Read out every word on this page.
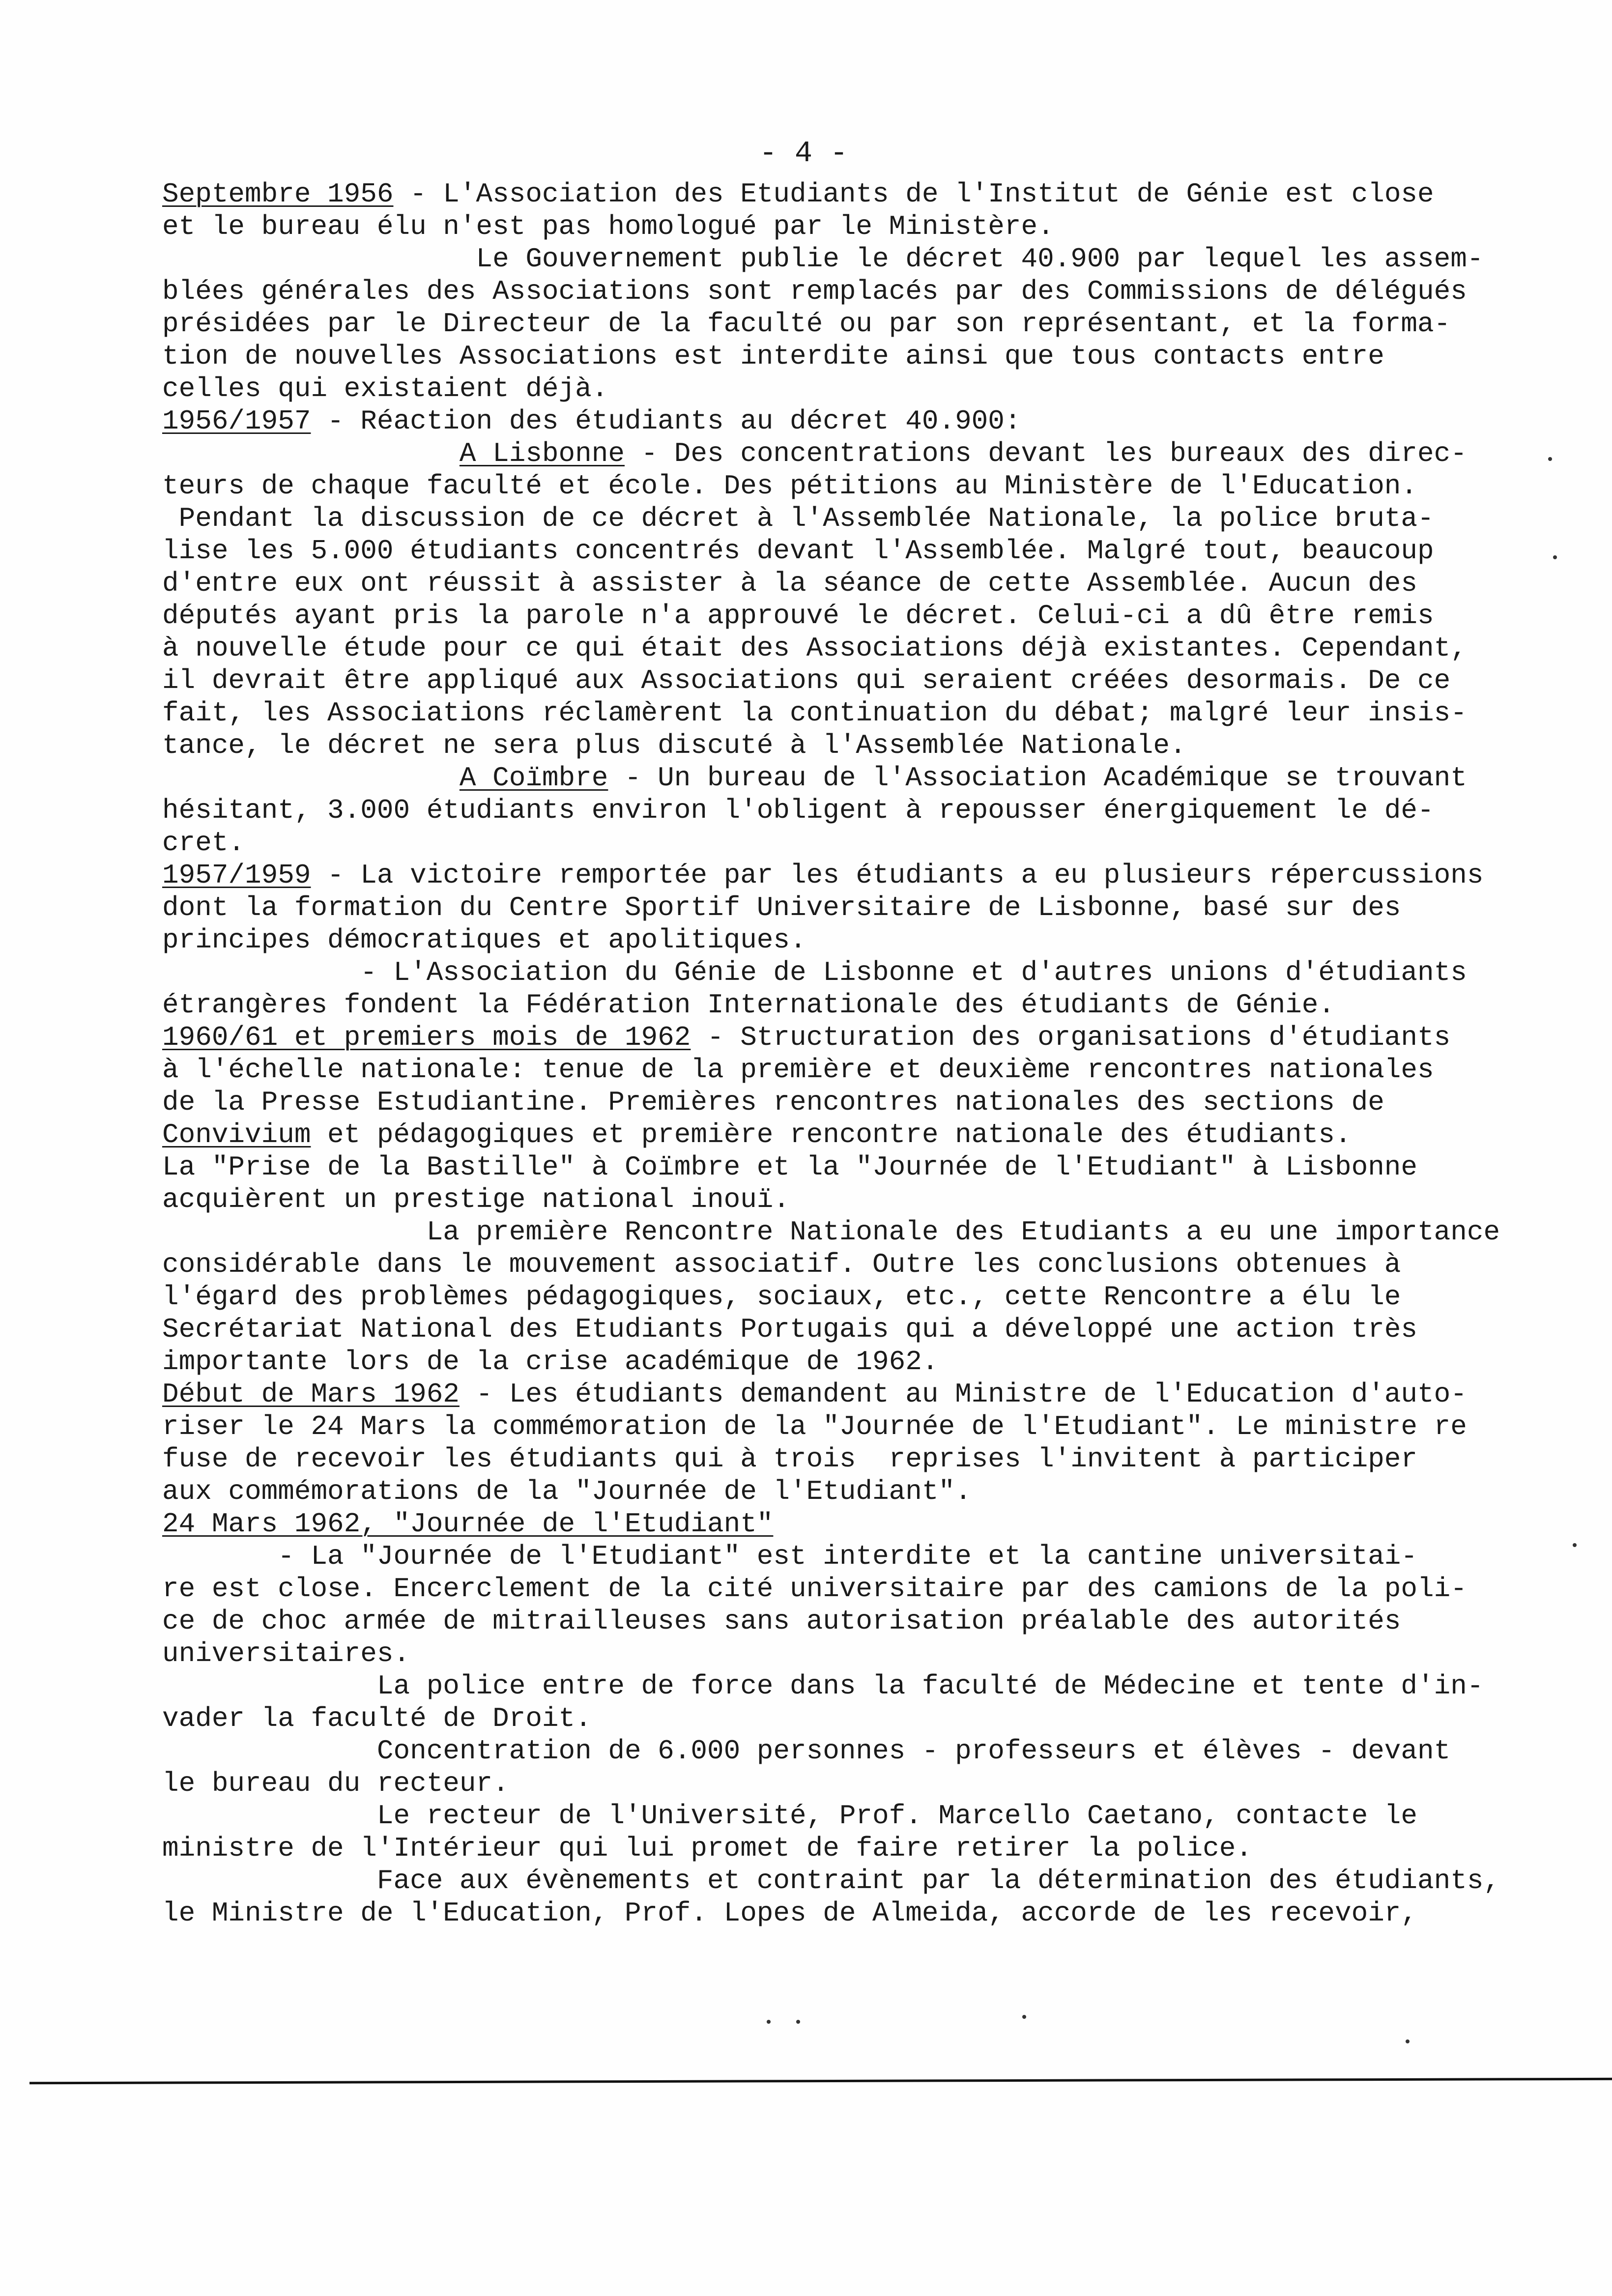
- 4 -
Septembre 1956 - L'Association des Etudiants de l'Institut de Génie est close
et le bureau élu n'est pas homologué par le Ministère.
Le Gouvernement publie le décret 40.900 par lequel les assem-
blées générales des Associations sont remplacés par des Commissions de délégués
présidées par le Directeur de la faculté ou par son représentant, et la forma-
tion de nouvelles Associations est interdite ainsi que tous contacts entre
celles qui existaient déjà.
1956/1957 - Réaction des étudiants au décret 40.900:
A Lisbonne - Des concentrations devant les bureaux des direc-
teurs de chaque faculté et école. Des pétitions au Ministère de l'Education.
Pendant la discussion de ce décret à l'Assemblée Nationale, la police bruta-
lise les 5.000 étudiants concentrés devant l'Assemblée. Malgré tout, beaucoup
d'entre eux ont réussit à assister à la séance de cette Assemblée. Aucun des
députés ayant pris la parole n'a approuvé le décret. Celui-ci a dû être remis
à nouvelle étude pour ce qui était des Associations déjà existantes. Cependant,
il devrait être appliqué aux Associations qui seraient créées desormais. De ce
fait, les Associations réclamèrent la continuation du débat; malgré leur insis-
tance, le décret ne sera plus discuté à l'Assemblée Nationale.
A Coïmbre - Un bureau de l'Association Académique se trouvant
hésitant, 3.000 étudiants environ l'obligent à repousser énergiquement le dé-
cret.
1957/1959 - La victoire remportée par les étudiants a eu plusieurs répercussions
dont la formation du Centre Sportif Universitaire de Lisbonne, basé sur des
principes démocratiques et apolitiques.
- L'Association du Génie de Lisbonne et d'autres unions d'étudiants
étrangères fondent la Fédération Internationale des étudiants de Génie.
1960/61 et premiers mois de 1962 - Structuration des organisations d'étudiants
à l'échelle nationale: tenue de la première et deuxième rencontres nationales
de la Presse Estudiantine. Premières rencontres nationales des sections de
Convivium et pédagogiques et première rencontre nationale des étudiants.
La "Prise de la Bastille" à Coïmbre et la "Journée de l'Etudiant" à Lisbonne
acquièrent un prestige national inouï.
La première Rencontre Nationale des Etudiants a eu une importance
considérable dans le mouvement associatif. Outre les conclusions obtenues à
l'égard des problèmes pédagogiques, sociaux, etc., cette Rencontre a élu le
Secrétariat National des Etudiants Portugais qui a développé une action très
importante lors de la crise académique de 1962.
Début de Mars 1962 - Les étudiants demandent au Ministre de l'Education d'auto-
riser le 24 Mars la commémoration de la "Journée de l'Etudiant". Le ministre re
fuse de recevoir les étudiants qui à trois  reprises l'invitent à participer
aux commémorations de la "Journée de l'Etudiant".
24 Mars 1962, "Journée de l'Etudiant"
- La "Journée de l'Etudiant" est interdite et la cantine universitai-
re est close. Encerclement de la cité universitaire par des camions de la poli-
ce de choc armée de mitrailleuses sans autorisation préalable des autorités
universitaires.
La police entre de force dans la faculté de Médecine et tente d'in-
vader la faculté de Droit.
Concentration de 6.000 personnes - professeurs et élèves - devant
le bureau du recteur.
Le recteur de l'Université, Prof. Marcello Caetano, contacte le
ministre de l'Intérieur qui lui promet de faire retirer la police.
Face aux évènements et contraint par la détermination des étudiants,
le Ministre de l'Education, Prof. Lopes de Almeida, accorde de les recevoir,
